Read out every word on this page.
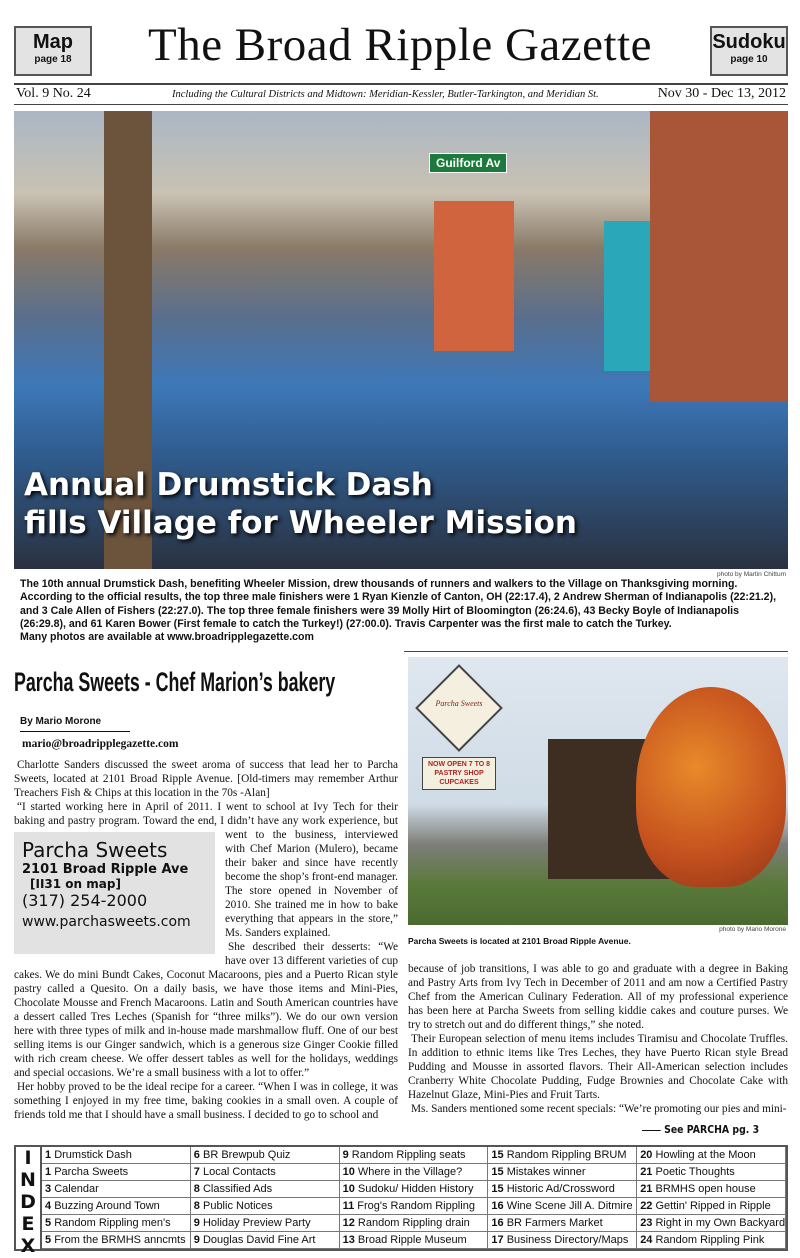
Map
page 18	The Broad Ripple Gazette	Sudoku
page 10
Vol. 9 No. 24	Including the Cultural Districts and Midtown: Meridian-Kessler, Butler-Tarkington, and Meridian St.	Nov 30 - Dec 13, 2012
Guilford Av
Annual Drumstick Dash
fills Village for Wheeler Mission
photo by Martin Chittum
The 10th annual Drumstick Dash, benefiting Wheeler Mission, drew thousands of runners and walkers to the Village on Thanksgiving morning. According to the official results, the top three male finishers were 1 Ryan Kienzle of Canton, OH (22:17.4), 2 Andrew Sherman of Indianapolis (22:21.2), and 3 Cale Allen of Fishers (22:27.0). The top three female finishers were 39 Molly Hirt of Bloomington (26:24.6), 43 Becky Boyle of Indianapolis (26:29.8), and 61 Karen Bower (First female to catch the Turkey!) (27:00.0). Travis Carpenter was the first male to catch the Turkey.
Many photos are available at www.broadripplegazette.com
Parcha Sweets - Chef Marion’s bakery
By Mario Morone
mario@broadripplegazette.com

Charlotte Sanders discussed the sweet aroma of success that lead her to Parcha Sweets, located at 2101 Broad Ripple Avenue. [Old-timers may remember Arthur Treachers Fish & Chips at this location in the 70s -Alan]

“I started working here in April of 2011. I went to school at Ivy Tech for their baking and pastry program. Toward the end, I didn’t have any work experience, but went
Parcha Sweets
2101 Broad Ripple Ave
[II31 on map]
(317) 254-2000
www.parchasweets.com
to the business, interviewed with Chef Marion (Mulero), became their baker and since have recently become the shop’s front-end manager. The store opened in November of 2010. She trained me in how to bake everything that appears in the store,” Ms. Sanders explained.

She described their desserts: “We have over 13 different varieties of cup cakes. We do mini Bundt Cakes, Coconut Macaroons, pies and a Puerto Rican style pastry called a Quesito. On a daily basis, we have those items and Mini-Pies, Chocolate Mousse and French Macaroons. Latin and South American countries have a dessert called Tres Leches (Spanish for “three milks”). We do our own version here with three types of milk and in-house made marshmallow fluff. One of our best selling items is our Ginger sandwich, which is a generous size Ginger Cookie filled with rich cream cheese. We offer dessert tables as well for the holidays, weddings and special occasions. We’re a small business with a lot to offer.”

Her hobby proved to be the ideal recipe for a career. “When I was in college, it was something I enjoyed in my free time, baking cookies in a small oven. A couple of friends told me that I should have a small business. I decided to go to school and

Parcha Sweets
NOW OPEN 7 TO 8 PASTRY SHOP CUPCAKES
photo by Mario Morone
Parcha Sweets is located at 2101 Broad Ripple Avenue.

because of job transitions, I was able to go and graduate with a degree in Baking and Pastry Arts from Ivy Tech in December of 2011 and am now a Certified Pastry Chef from the American Culinary Federation. All of my professional experience has been here at Parcha Sweets from selling kiddie cakes and couture purses. We try to stretch out and do different things,” she noted.

Their European selection of menu items includes Tiramisu and Chocolate Truffles. In addition to ethnic items like Tres Leches, they have Puerto Rican style Bread Pudding and Mousse in assorted flavors. Their All-American selection includes Cranberry White Chocolate Pudding, Fudge Brownies and Chocolate Cake with Hazelnut Glaze, Mini-Pies and Fruit Tarts.

Ms. Sanders mentioned some recent specials: “We’re promoting our pies and mini-

See PARCHA pg. 3
I
N
D
E
X
1 Drumstick Dash	6 BR Brewpub Quiz	9 Random Rippling seats	15 Random Rippling BRUM	20 Howling at the Moon
1 Parcha Sweets	7 Local Contacts	10 Where in the Village?	15 Mistakes winner	21 Poetic Thoughts
3 Calendar	8 Classified Ads	10 Sudoku/ Hidden History	15 Historic Ad/Crossword	21 BRMHS open house
4 Buzzing Around Town	8 Public Notices	11 Frog's Random Rippling	16 Wine Scene Jill A. Ditmire 22 Gettin' Ripped in Ripple
5 Random Rippling men's	9 Holiday Preview Party	12 Random Rippling drain	16 BR Farmers Market	23 Right in my Own Backyard
5 From the BRMHS anncmts 9 Douglas David Fine Art	13 Broad Ripple Museum	17 Business Directory/Maps	24 Random Rippling Pink
